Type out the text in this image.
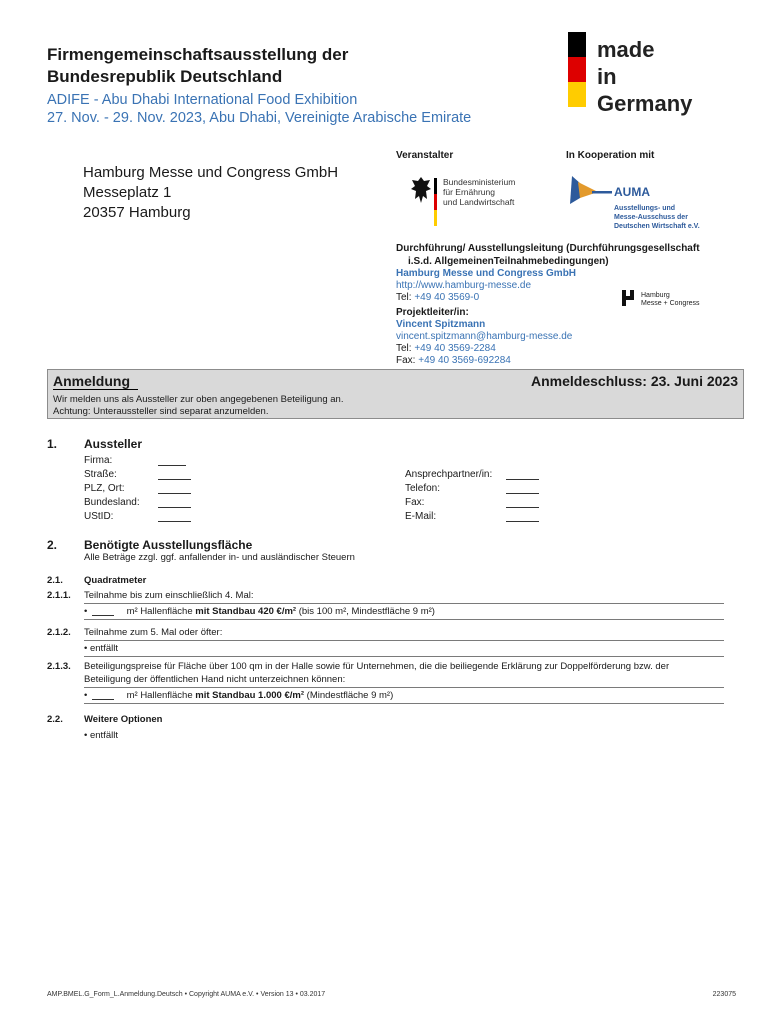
Firmengemeinschaftsausstellung der
Bundesrepublik Deutschland
ADIFE - Abu Dhabi International Food Exhibition
27. Nov. - 29. Nov. 2023, Abu Dhabi, Vereinigte Arabische Emirate
made
in
Germany
Veranstalter	In Kooperation mit
Hamburg Messe und Congress GmbH
Messeplatz 1
20357 Hamburg
Bundesministerium
für Ernährung
und Landwirtschaft
AUMA
Ausstellungs- und
Messe-Ausschuss der
Deutschen Wirtschaft e.V.
Durchführung/ Ausstellungsleitung (Durchführungsgesellschaft
i.S.d. AllgemeinenTeilnahmebedingungen)
Hamburg Messe und Congress GmbH
http://www.hamburg-messe.de
Tel: +49 40 3569-0	Hamburg
Messe + Congress
Projektleiter/in:
Vincent Spitzmann
vincent.spitzmann@hamburg-messe.de
Tel: +49 40 3569-2284
Fax: +49 40 3569-692284
Anmeldung	Anmeldeschluss: 23. Juni 2023
Wir melden uns als Aussteller zur oben angegebenen Beteiligung an.
Achtung: Unteraussteller sind separat anzumelden.
1. Aussteller
Firma:
Straße:
PLZ, Ort:
Bundesland:
UStID:
Ansprechpartner/in:
Telefon:
Fax:
E-Mail:
2. Benötigte Ausstellungsfläche
Alle Beträge zzgl. ggf. anfallender in- und ausländischer Steuern
2.1. Quadratmeter
2.1.1. Teilnahme bis zum einschließlich 4. Mal:
•	m² Hallenfläche mit Standbau 420 €/m² (bis 100 m², Mindestfläche 9 m²)
2.1.2. Teilnahme zum 5. Mal oder öfter:
• entfällt
2.1.3. Beteiligungspreise für Fläche über 100 qm in der Halle sowie für Unternehmen, die die beiliegende Erklärung zur Doppelförderung bzw. der
Beteiligung der öffentlichen Hand nicht unterzeichnen können:
•	m² Hallenfläche mit Standbau 1.000 €/m² (Mindestfläche 9 m²)
2.2. Weitere Optionen
• entfällt
AMP.BMEL.G_Form_L.Anmeldung.Deutsch • Copyright AUMA e.V. • Version 13 • 03.2017	223075
